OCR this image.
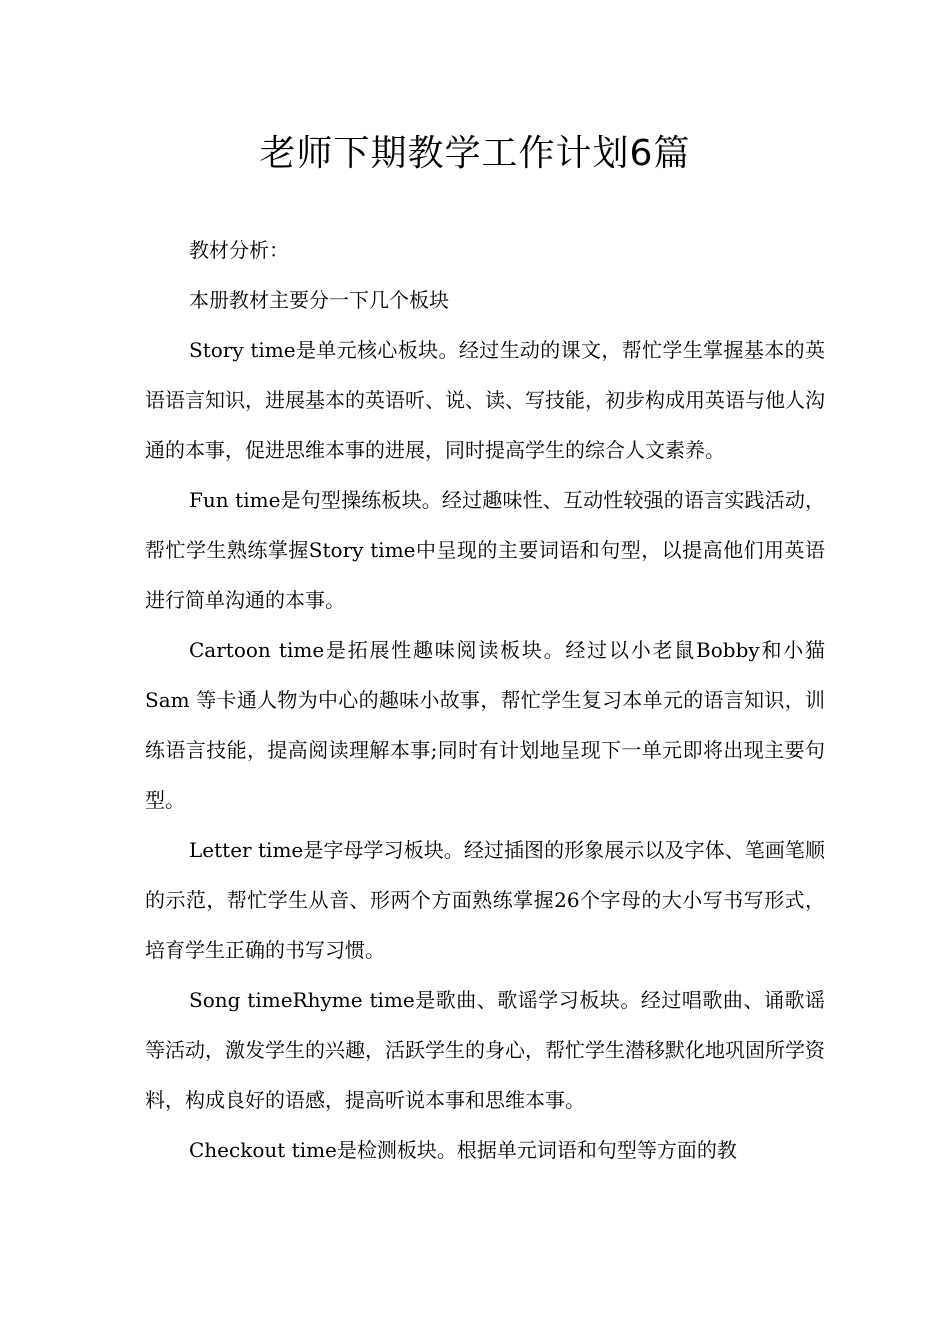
老师下期教学工作计划6篇

教材分析：

本册教材主要分一下几个板块

Story time是单元核心板块。经过生动的课文，帮忙学生掌握基本的英语语言知识，进展基本的英语听、说、读、写技能，初步构成用英语与他人沟通的本事，促进思维本事的进展，同时提高学生的综合人文素养。

Fun time是句型操练板块。经过趣味性、互动性较强的语言实践活动，帮忙学生熟练掌握Story time中呈现的主要词语和句型，以提高他们用英语进行简单沟通的本事。

Cartoon time是拓展性趣味阅读板块。经过以小老鼠Bobby和小猫Sam 等卡通人物为中心的趣味小故事，帮忙学生复习本单元的语言知识，训练语言技能，提高阅读理解本事;同时有计划地呈现下一单元即将出现主要句型。

Letter time是字母学习板块。经过插图的形象展示以及字体、笔画笔顺的示范，帮忙学生从音、形两个方面熟练掌握26个字母的大小写书写形式，培育学生正确的书写习惯。

Song timeRhyme time是歌曲、歌谣学习板块。经过唱歌曲、诵歌谣等活动，激发学生的兴趣，活跃学生的身心，帮忙学生潜移默化地巩固所学资料，构成良好的语感，提高听说本事和思维本事。

Checkout time是检测板块。根据单元词语和句型等方面的教
